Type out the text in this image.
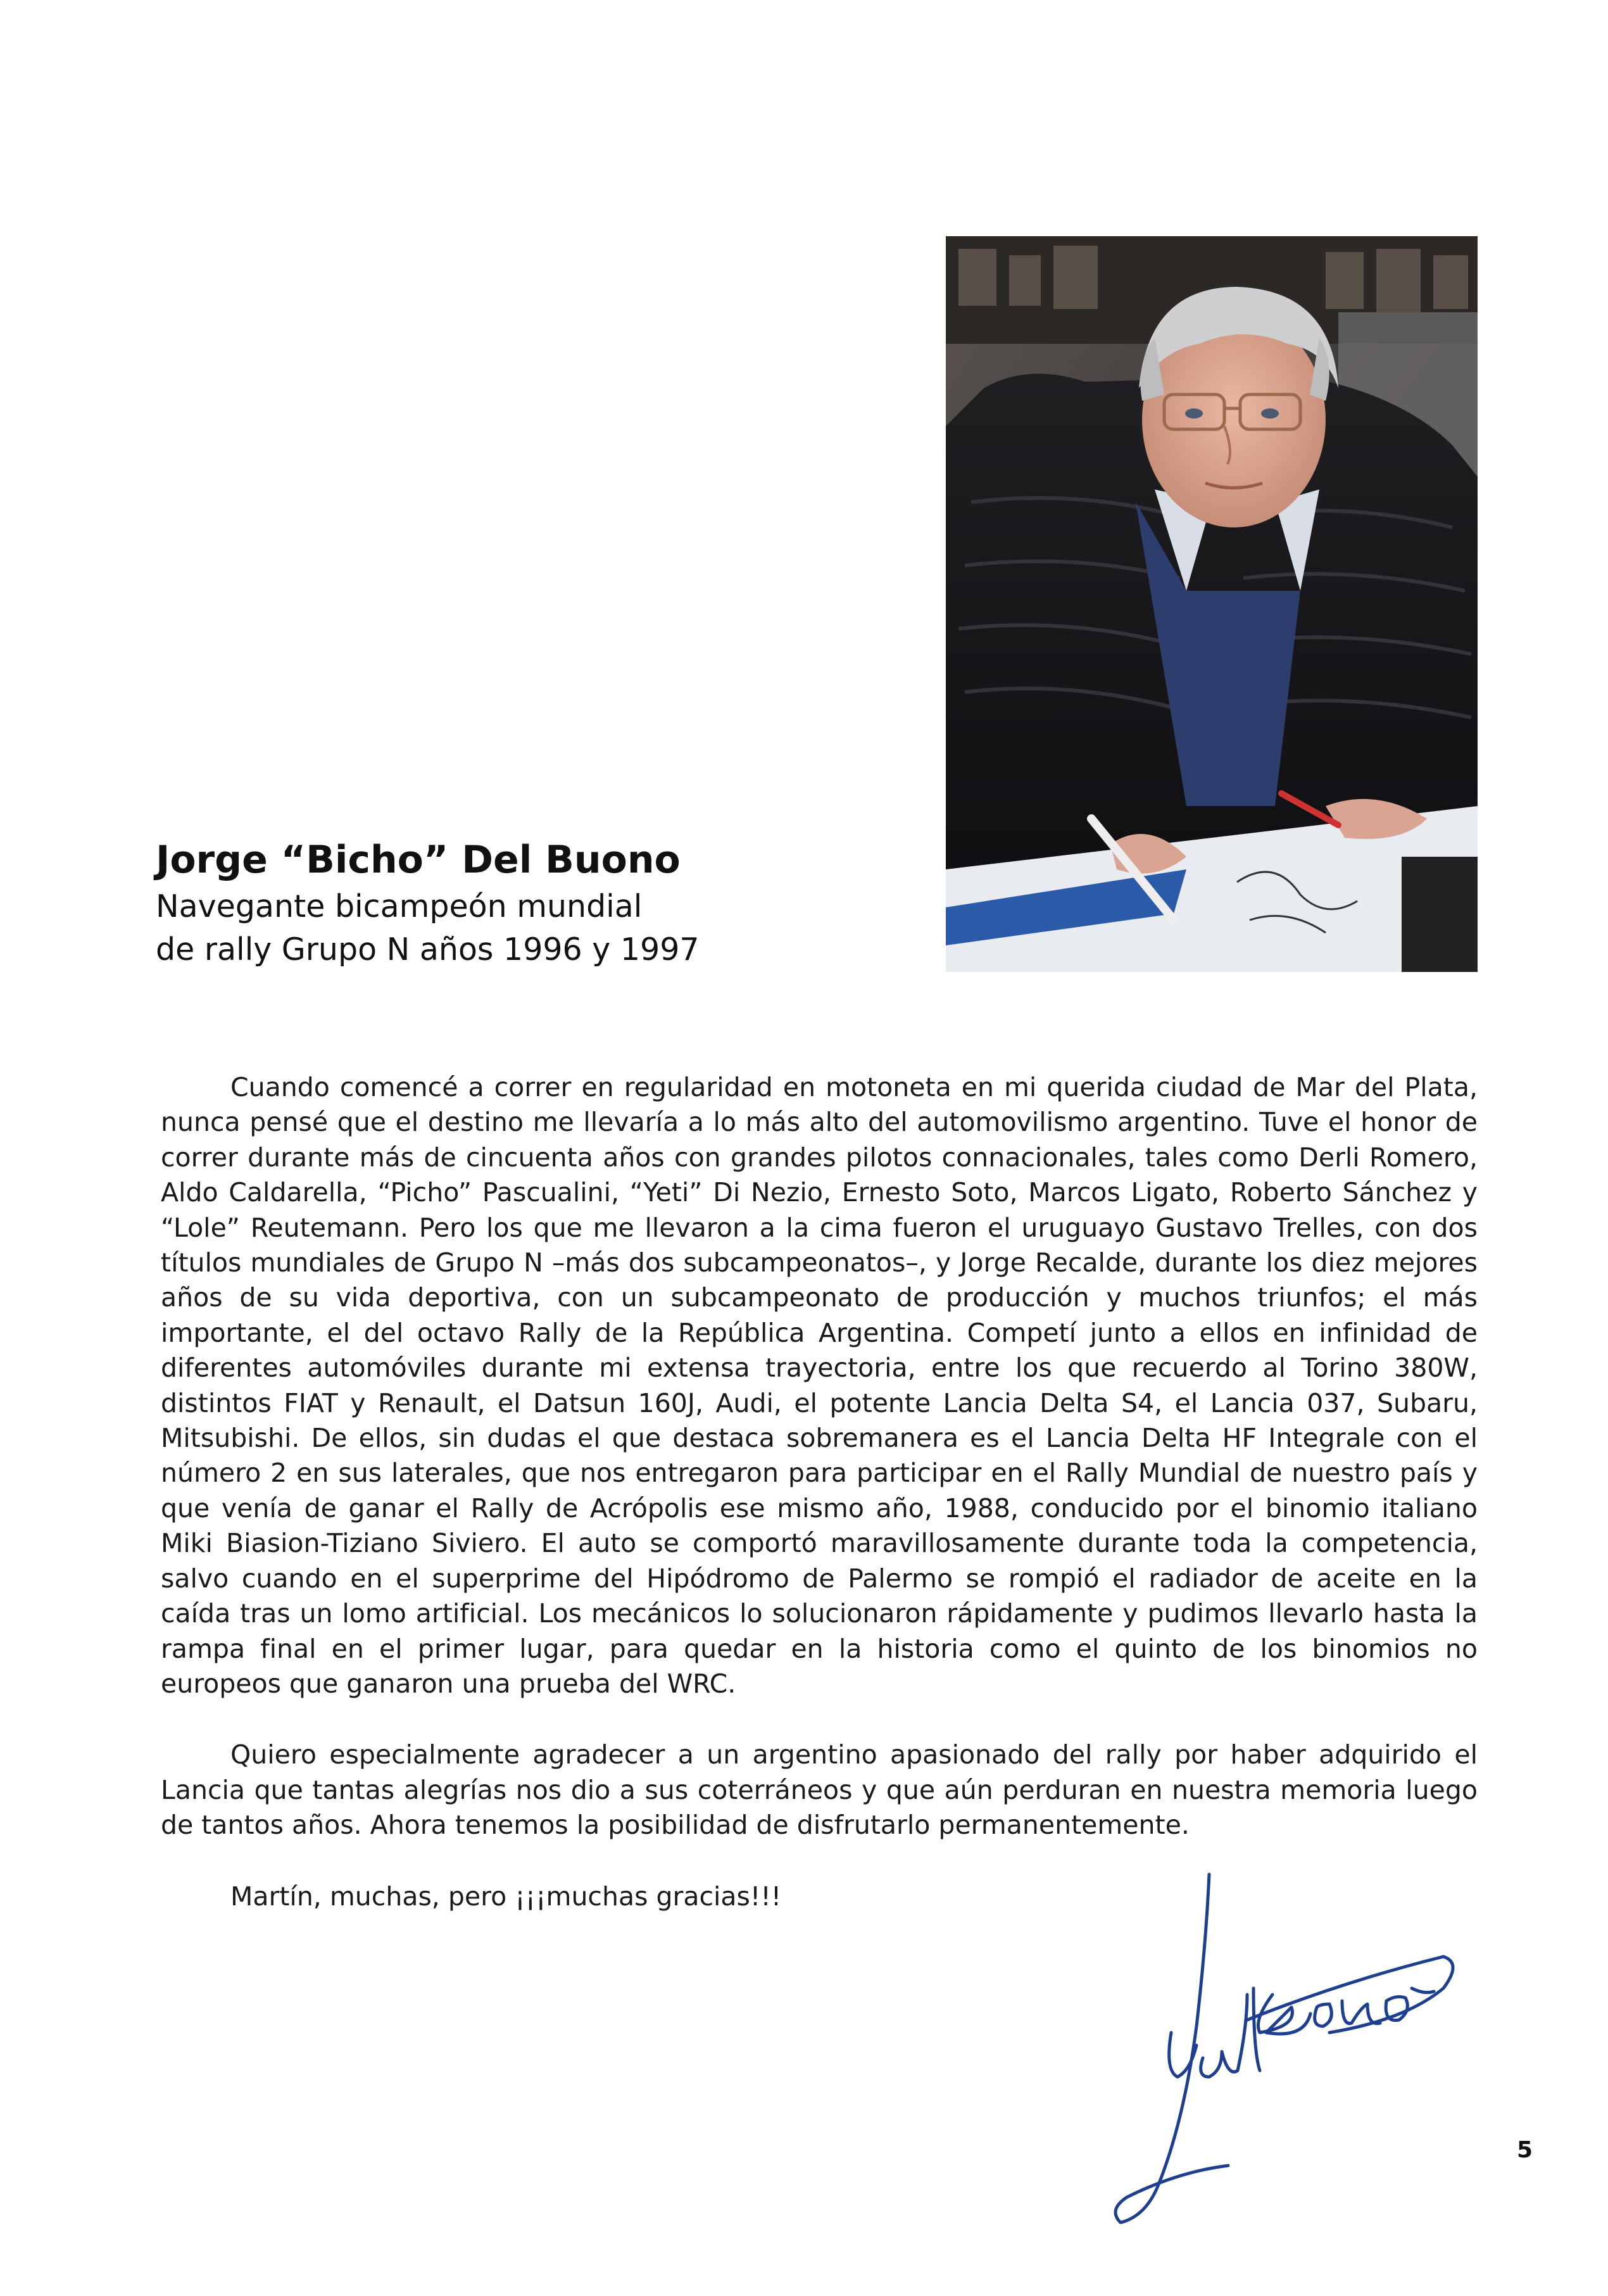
Jorge “Bicho” Del Buono

Navegante bicampeón mundial

de rally Grupo N años 1996 y 1997

Cuando comencé a correr en regularidad en motoneta en mi querida ciudad de Mar del Plata, nunca pensé que el destino me llevaría a lo más alto del automovilismo argentino. Tuve el honor de correr durante más de cincuenta años con grandes pilotos connacionales, tales como Derli Romero, Aldo Caldarella, “Picho” Pascualini, “Yeti” Di Nezio, Ernesto Soto, Marcos Ligato, Roberto Sánchez y “Lole” Reutemann. Pero los que me llevaron a la cima fueron el uruguayo Gustavo Trelles, con dos títulos mundiales de Grupo N –más dos subcampeonatos–, y Jorge Recalde, durante los diez mejores años de su vida deportiva, con un subcampeonato de producción y muchos triunfos; el más importante, el del octavo Rally de la República Argentina. Competí junto a ellos en infinidad de diferentes automóviles durante mi extensa trayectoria, entre los que recuerdo al Torino 380W, distintos FIAT y Renault, el Datsun 160J, Audi, el potente Lancia Delta S4, el Lancia 037, Subaru, Mitsubishi. De ellos, sin dudas el que destaca sobremanera es el Lancia Delta HF Integrale con el número 2 en sus laterales, que nos entregaron para participar en el Rally Mundial de nuestro país y que venía de ganar el Rally de Acrópolis ese mismo año, 1988, conducido por el binomio italiano Miki Biasion-Tiziano Siviero. El auto se comportó maravillosamente durante toda la competencia, salvo cuando en el superprime del Hipódromo de Palermo se rompió el radiador de aceite en la caída tras un lomo artificial. Los mecánicos lo solucionaron rápidamente y pudimos llevarlo hasta la rampa final en el primer lugar, para quedar en la historia como el quinto de los binomios no europeos que ganaron una prueba del WRC.

Quiero especialmente agradecer a un argentino apasionado del rally por haber adquirido el Lancia que tantas alegrías nos dio a sus coterráneos y que aún perduran en nuestra memoria luego de tantos años. Ahora tenemos la posibilidad de disfrutarlo permanentemente.

Martín, muchas, pero ¡¡¡muchas gracias!!!

5
